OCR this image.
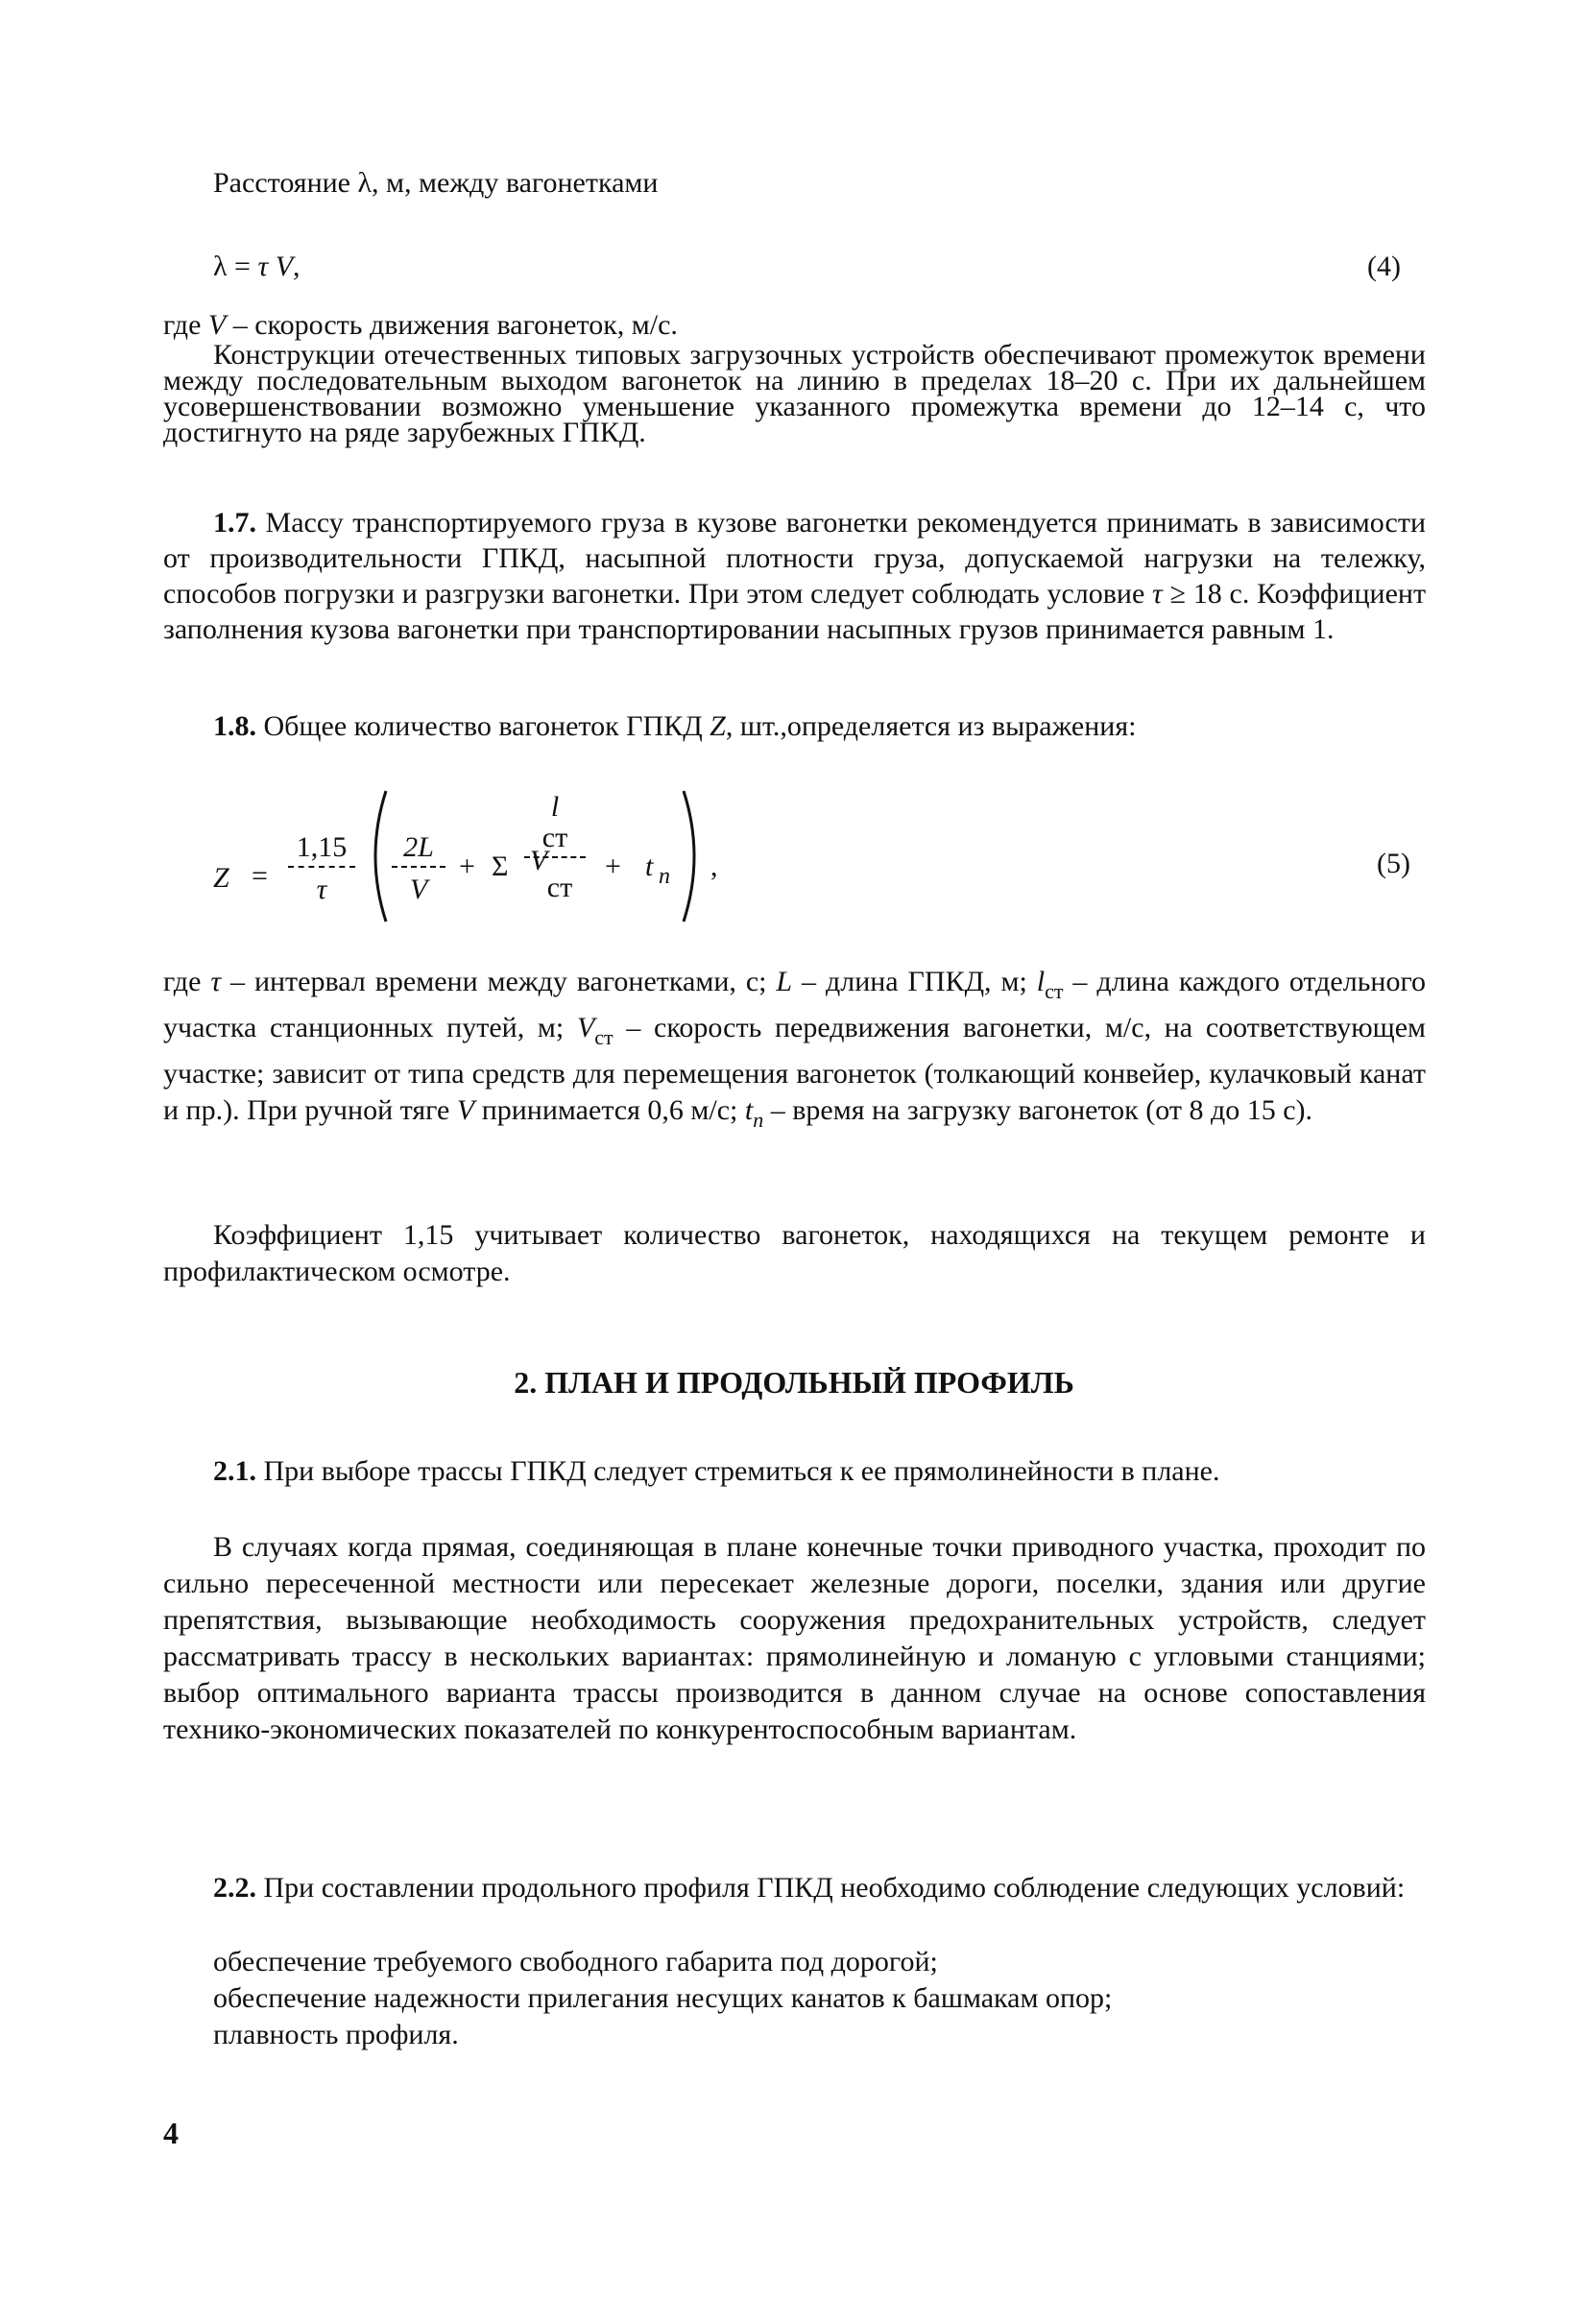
Расстояние λ, м, между вагонетками

λ = τ V,	(4)

где V – скорость движения вагонеток, м/с.

Конструкции отечественных типовых загрузочных устройств обеспечивают промежуток времени между последовательным выходом вагонеток на линию в пределах 18–20 с. При их дальнейшем усовершенствовании возможно уменьшение указанного промежутка времени до 12–14 с, что достигнуто на ряде зарубежных ГПКД.

1.7. Массу транспортируемого груза в кузове вагонетки рекомендуется принимать в зависимости от производительности ГПКД, насыпной плотности груза, допускаемой нагрузки на тележку, способов погрузки и разгрузки вагонетки. При этом следует соблюдать условие τ ≥ 18 с. Коэффициент заполнения кузова вагонетки при транспортировании насыпных грузов принимается равным 1.

1.8. Общее количество вагонеток ГПКД Z, шт.,определяется из выражения:

Z =
1,15
τ
2L
V
+ Σ
l
ст
V
ст
+ t n ,	(5)

где τ – интервал времени между вагонетками, с; L – длина ГПКД, м; $l_{ст}$ – длина каждого отдельного участка станционных путей, м; $V_{ст}$ – скорость передвижения вагонетки, м/с, на соответствующем участке; зависит от типа средств для перемещения вагонеток (толкающий конвейер, кулачковый канат и пр.). При ручной тяге V принимается 0,6 м/с; $t_n$ – время на загрузку вагонеток (от 8 до 15 с).

Коэффициент 1,15 учитывает количество вагонеток, находящихся на текущем ремонте и профилактическом осмотре.

2. ПЛАН И ПРОДОЛЬНЫЙ ПРОФИЛЬ

2.1. При выборе трассы ГПКД следует стремиться к ее прямолинейности в плане.

В случаях когда прямая, соединяющая в плане конечные точки приводного участка, проходит по сильно пересеченной местности или пересекает железные дороги, поселки, здания или другие препятствия, вызывающие необходимость сооружения предохранительных устройств, следует рассматривать трассу в нескольких вариантах: прямолинейную и ломаную с угловыми станциями; выбор оптимального варианта трассы производится в данном случае на основе сопоставления технико-экономических показателей по конкурентоспособным вариантам.

2.2. При составлении продольного профиля ГПКД необходимо соблюдение следующих условий:

обеспечение требуемого свободного габарита под дорогой;

обеспечение надежности прилегания несущих канатов к башмакам опор;

плавность профиля.

4
